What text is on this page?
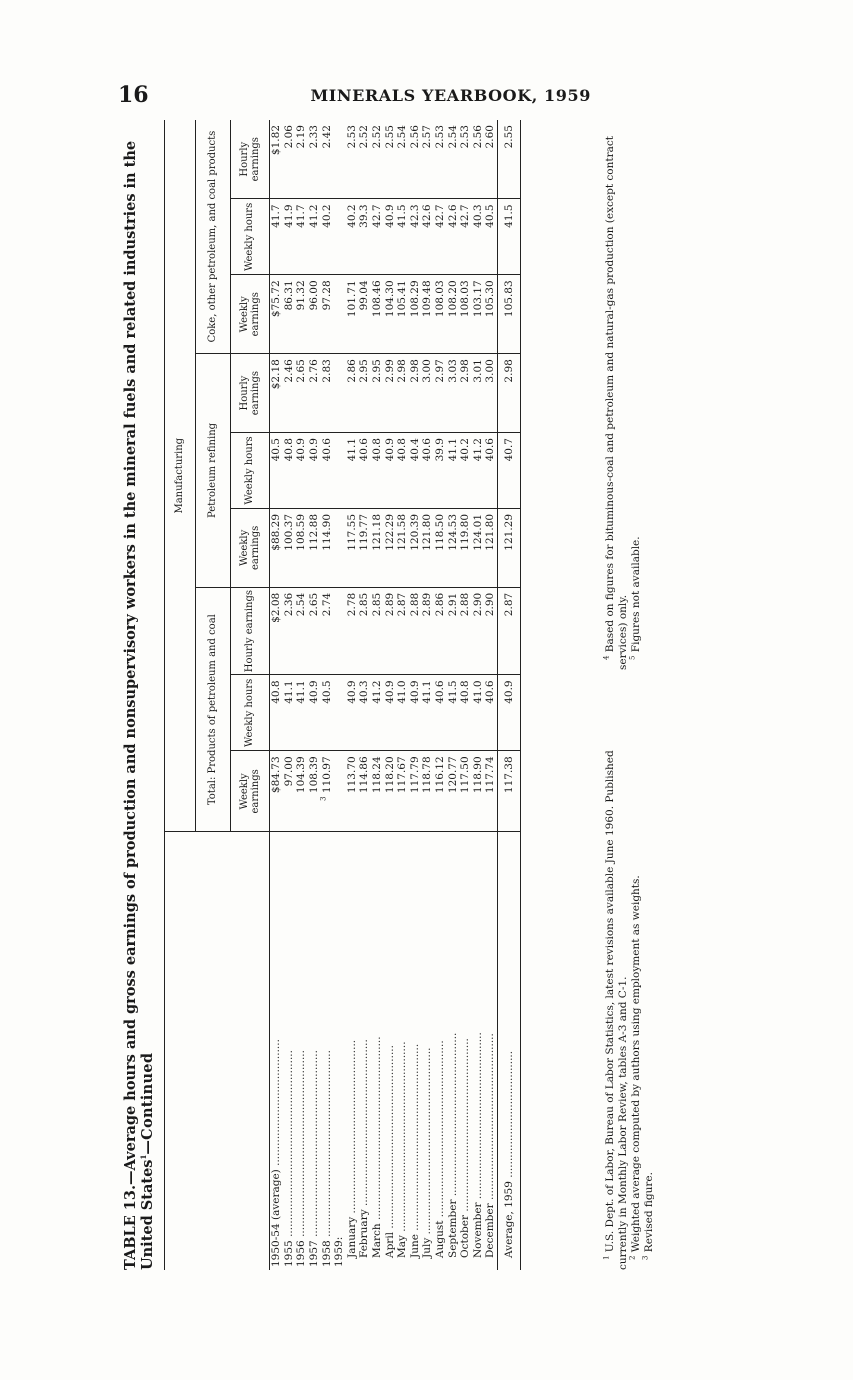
16	MINERALS YEARBOOK, 1959
TABLE 13.—Average hours and gross earnings of production and nonsupervisory workers in the mineral fuels and related industries in the United States$^1$—Continued
	Manufacturing								
	Total: Products of petroleum and coal			Petroleum refining			Coke, other petroleum, and coal products		
	Weekly earnings	Weekly hours	Hourly earnings	Weekly earnings	Weekly hours	Hourly earnings	Weekly earnings	Weekly hours	Hourly earnings
1950-54 (average) ......................................	$84.73	40.8	$2.08	$88.29	40.5	$2.18	$75.72	41.7	$1.82
1955 ........................................................	97.00	41.1	2.36	100.37	40.8	2.46	86.31	41.9	2.06
1956 ........................................................	104.39	41.1	2.54	108.59	40.9	2.65	91.32	41.7	2.19
1957 ........................................................	108.39	40.9	2.65	112.88	40.9	2.76	96.00	41.2	2.33
1958 ........................................................	$^3$ 110.97	40.5	2.74	114.90	40.6	2.83	97.28	40.2	2.42
1959:									
January ....................................................	113.70	40.9	2.78	117.55	41.1	2.86	101.71	40.2	2.53
February ..................................................	114.86	40.3	2.85	119.77	40.6	2.95	99.04	39.3	2.52
March .......................................................	118.24	41.2	2.85	121.18	40.8	2.95	108.46	42.7	2.52
April .......................................................	118.20	40.9	2.89	122.29	40.9	2.99	104.30	40.9	2.55
May .........................................................	117.67	41.0	2.87	121.58	40.8	2.98	105.41	41.5	2.54
June ........................................................	117.79	40.9	2.88	120.39	40.4	2.98	108.29	42.3	2.56
July ........................................................	118.78	41.1	2.89	121.80	40.6	3.00	109.48	42.6	2.57
August .....................................................	116.12	40.6	2.86	118.50	39.9	2.97	108.03	42.7	2.53
September .................................................	120.77	41.5	2.91	124.53	41.1	3.03	108.20	42.6	2.54
October ....................................................	117.50	40.8	2.88	119.80	40.2	2.98	108.03	42.7	2.53
November ..................................................	118.90	41.0	2.90	124.01	41.2	3.01	103.17	40.3	2.56
December ..................................................	117.74	40.6	2.90	121.80	40.6	3.00	105.30	40.5	2.60
Average, 1959 ......................................	117.38	40.9	2.87	121.29	40.7	2.98	105.83	41.5	2.55
$^1$ U.S. Dept. of Labor, Bureau of Labor Statistics, latest revisions available June 1960. Published currently in Monthly Labor Review, tables A-3 and C-1. $^2$ Weighted average computed by authors using employment as weights.
$^3$ Revised figure.
$^4$ Based on figures for bituminous-coal and petroleum and natural-gas production (except contract services) only. $^5$ Figures not available.
